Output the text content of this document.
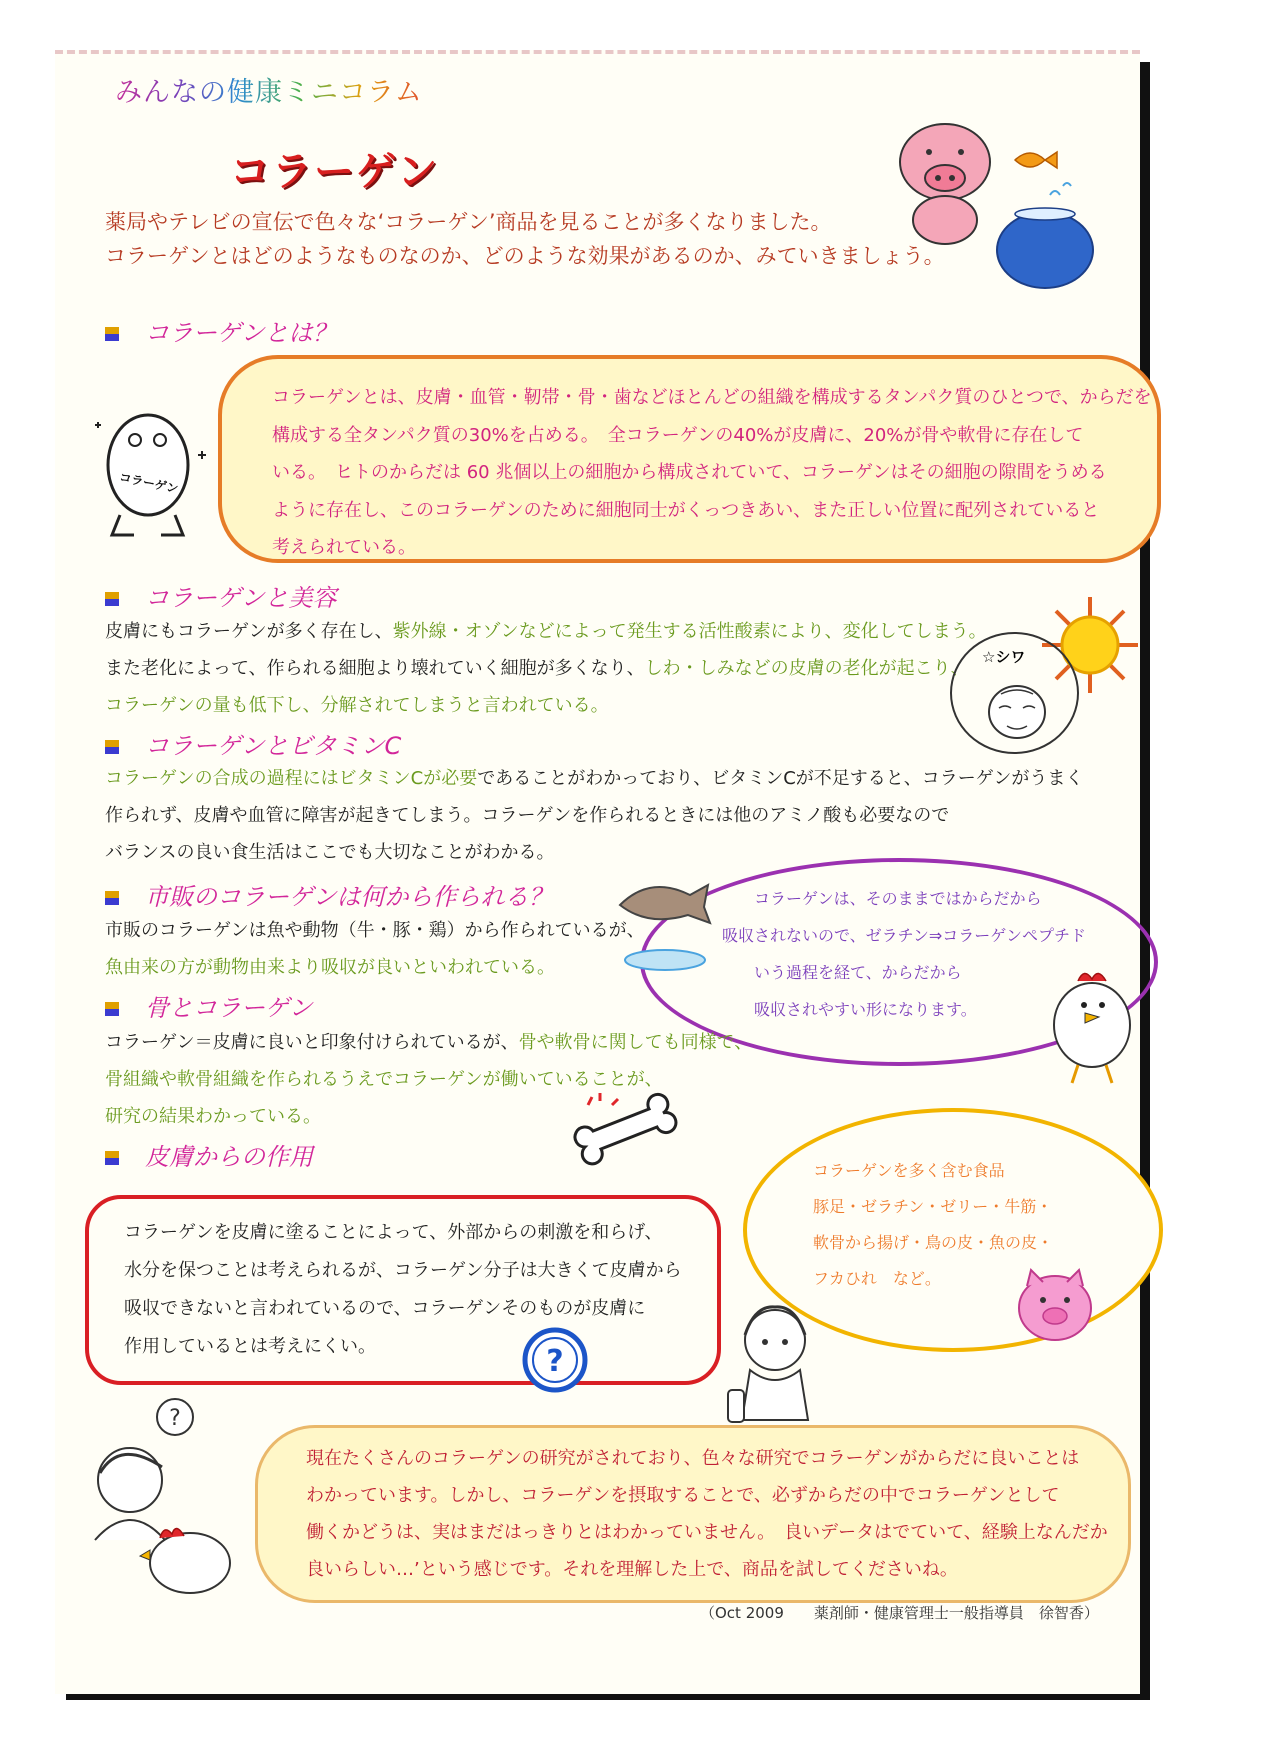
みんなの健康ミニコラム
コラーゲン
薬局やテレビの宣伝で色々な‘コラーゲン’商品を見ることが多くなりました。
コラーゲンとはどのようなものなのか、どのような効果があるのか、みていきましょう。
コラーゲンとは？
コラーゲンとは、皮膚・血管・靭帯・骨・歯などほとんどの組織を構成するタンパク質のひとつで、からだを
構成する全タンパク質の30%を占める。　全コラーゲンの40%が皮膚に、20%が骨や軟骨に存在して
いる。　ヒトのからだは 60 兆個以上の細胞から構成されていて、コラーゲンはその細胞の隙間をうめる
ように存在し、このコラーゲンのために細胞同士がくっつきあい、また正しい位置に配列されていると
考えられている。
コラーゲン
コラーゲンと美容
皮膚にもコラーゲンが多く存在し、紫外線・オゾンなどによって発生する活性酸素により、変化してしまう。
また老化によって、作られる細胞より壊れていく細胞が多くなり、しわ・しみなどの皮膚の老化が起こり、
コラーゲンの量も低下し、分解されてしまうと言われている。
☆シワ
コラーゲンとビタミンC
コラーゲンの合成の過程にはビタミンCが必要であることがわかっており、ビタミンCが不足すると、コラーゲンがうまく
作られず、皮膚や血管に障害が起きてしまう。コラーゲンを作られるときには他のアミノ酸も必要なので
バランスの良い食生活はここでも大切なことがわかる。
市販のコラーゲンは何から作られる？
市販のコラーゲンは魚や動物（牛・豚・鶏）から作られているが、
魚由来の方が動物由来より吸収が良いといわれている。
コラーゲンは、そのままではからだから
吸収されないので、ゼラチン⇒コラーゲンペプチド
いう過程を経て、からだから
吸収されやすい形になります。
骨とコラーゲン
コラーゲン＝皮膚に良いと印象付けられているが、骨や軟骨に関しても同様で、
骨組織や軟骨組織を作られるうえでコラーゲンが働いていることが、
研究の結果わかっている。
皮膚からの作用
コラーゲンを皮膚に塗ることによって、外部からの刺激を和らげ、
水分を保つことは考えられるが、コラーゲン分子は大きくて皮膚から
吸収できないと言われているので、コラーゲンそのものが皮膚に
作用しているとは考えにくい。	?
コラーゲンを多く含む食品
豚足・ゼラチン・ゼリー・牛筋・
軟骨から揚げ・鳥の皮・魚の皮・
フカひれ　など。
?
現在たくさんのコラーゲンの研究がされており、色々な研究でコラーゲンがからだに良いことは
わかっています。しかし、コラーゲンを摂取することで、必ずからだの中でコラーゲンとして
働くかどうは、実はまだはっきりとはわかっていません。　良いデータはでていて、経験上なんだか
良いらしい…’という感じです。それを理解した上で、商品を試してくださいね。
（Oct 2009　　薬剤師・健康管理士一般指導員　徐智香）
